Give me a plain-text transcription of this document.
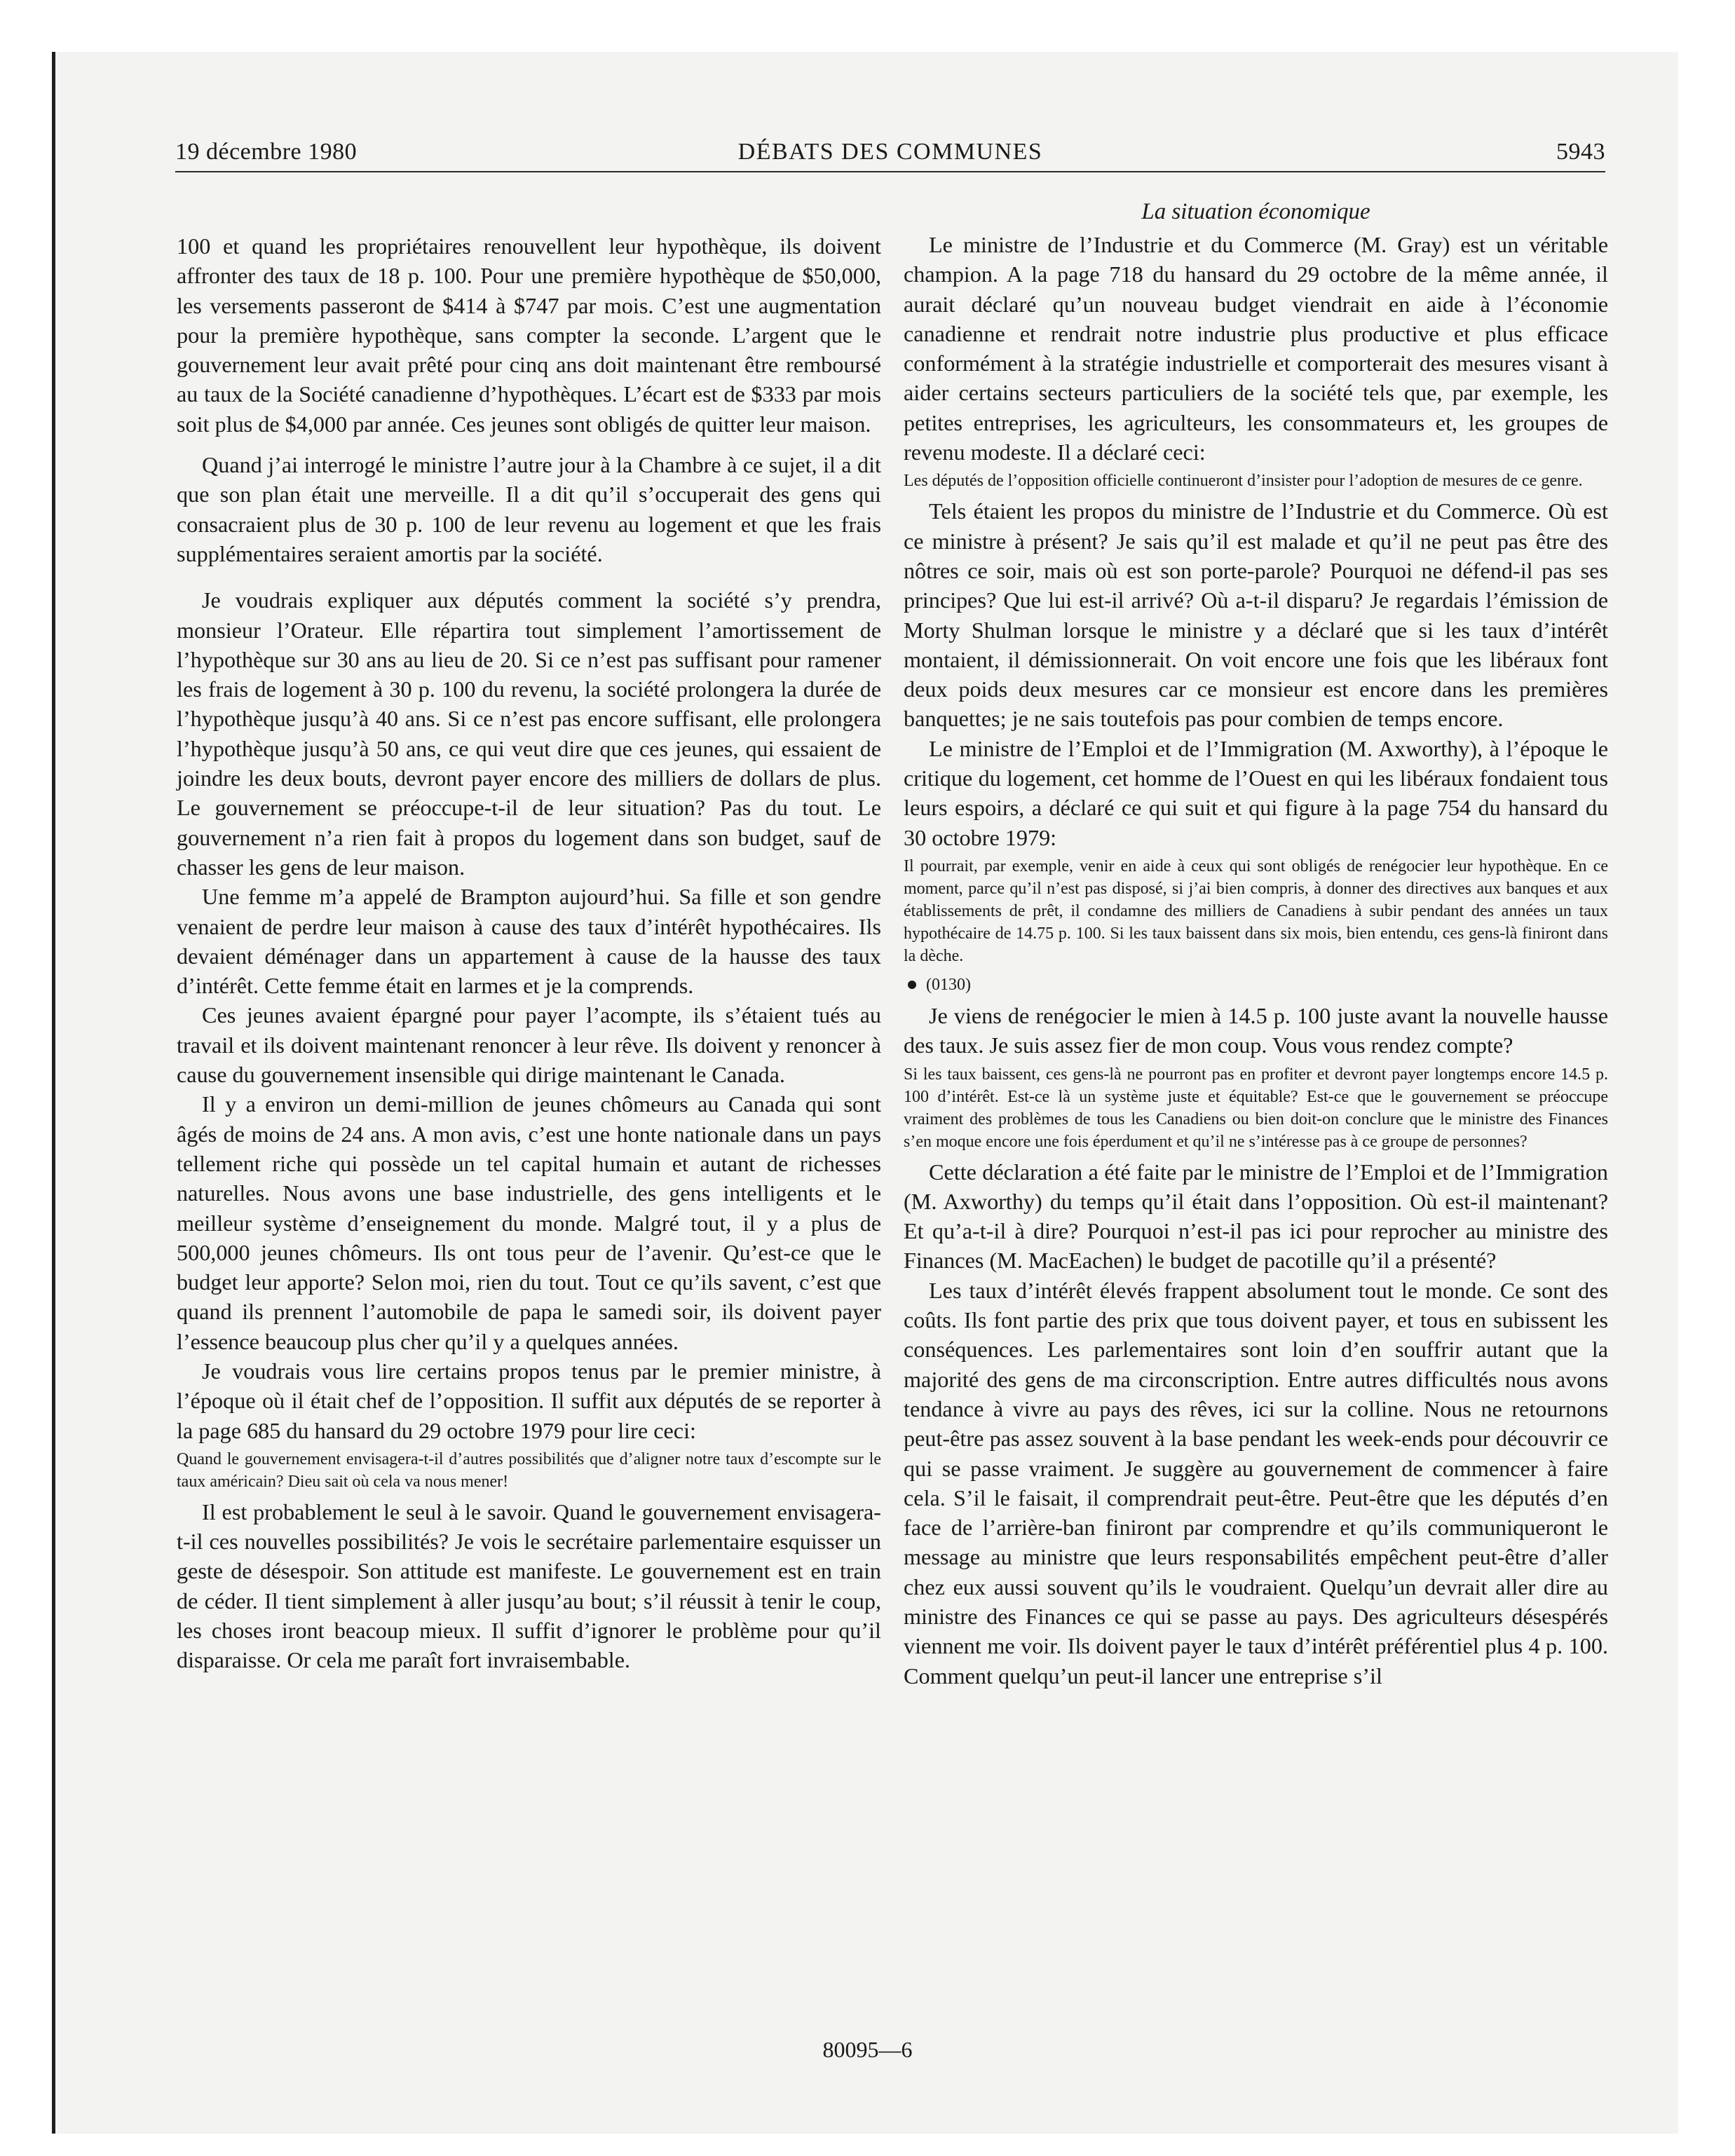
19 décembre 1980	DÉBATS DES COMMUNES	5943

100 et quand les propriétaires renouvellent leur hypothèque, ils doivent affronter des taux de 18 p. 100. Pour une première hypothèque de $50,000, les versements passeront de $414 à $747 par mois. C’est une augmentation pour la première hypothèque, sans compter la seconde. L’argent que le gouvernement leur avait prêté pour cinq ans doit maintenant être remboursé au taux de la Société canadienne d’hypothèques. L’écart est de $333 par mois soit plus de $4,000 par année. Ces jeunes sont obligés de quitter leur maison.

Quand j’ai interrogé le ministre l’autre jour à la Chambre à ce sujet, il a dit que son plan était une merveille. Il a dit qu’il s’occuperait des gens qui consacraient plus de 30 p. 100 de leur revenu au logement et que les frais supplémentaires seraient amortis par la société.

Je voudrais expliquer aux députés comment la société s’y prendra, monsieur l’Orateur. Elle répartira tout simplement l’amortissement de l’hypothèque sur 30 ans au lieu de 20. Si ce n’est pas suffisant pour ramener les frais de logement à 30 p. 100 du revenu, la société prolongera la durée de l’hypothèque jusqu’à 40 ans. Si ce n’est pas encore suffisant, elle prolongera l’hypothèque jusqu’à 50 ans, ce qui veut dire que ces jeunes, qui essaient de joindre les deux bouts, devront payer encore des milliers de dollars de plus. Le gouvernement se préoccupe-t-il de leur situation? Pas du tout. Le gouvernement n’a rien fait à propos du logement dans son budget, sauf de chasser les gens de leur maison.

Une femme m’a appelé de Brampton aujourd’hui. Sa fille et son gendre venaient de perdre leur maison à cause des taux d’intérêt hypothécaires. Ils devaient déménager dans un appartement à cause de la hausse des taux d’intérêt. Cette femme était en larmes et je la comprends.

Ces jeunes avaient épargné pour payer l’acompte, ils s’étaient tués au travail et ils doivent maintenant renoncer à leur rêve. Ils doivent y renoncer à cause du gouvernement insensible qui dirige maintenant le Canada.

Il y a environ un demi-million de jeunes chômeurs au Canada qui sont âgés de moins de 24 ans. A mon avis, c’est une honte nationale dans un pays tellement riche qui possède un tel capital humain et autant de richesses naturelles. Nous avons une base industrielle, des gens intelligents et le meilleur système d’enseignement du monde. Malgré tout, il y a plus de 500,000 jeunes chômeurs. Ils ont tous peur de l’avenir. Qu’est-ce que le budget leur apporte? Selon moi, rien du tout. Tout ce qu’ils savent, c’est que quand ils prennent l’automobile de papa le samedi soir, ils doivent payer l’essence beaucoup plus cher qu’il y a quelques années.

Je voudrais vous lire certains propos tenus par le premier ministre, à l’époque où il était chef de l’opposition. Il suffit aux députés de se reporter à la page 685 du hansard du 29 octobre 1979 pour lire ceci:

Quand le gouvernement envisagera-t-il d’autres possibilités que d’aligner notre taux d’escompte sur le taux américain? Dieu sait où cela va nous mener!

Il est probablement le seul à le savoir. Quand le gouvernement envisagera-t-il ces nouvelles possibilités? Je vois le secrétaire parlementaire esquisser un geste de désespoir. Son attitude est manifeste. Le gouvernement est en train de céder. Il tient simplement à aller jusqu’au bout; s’il réussit à tenir le coup, les choses iront beacoup mieux. Il suffit d’ignorer le problème pour qu’il disparaisse. Or cela me paraît fort invraisembable.

La situation économique

Le ministre de l’Industrie et du Commerce (M. Gray) est un véritable champion. A la page 718 du hansard du 29 octobre de la même année, il aurait déclaré qu’un nouveau budget viendrait en aide à l’économie canadienne et rendrait notre industrie plus productive et plus efficace conformément à la stratégie industrielle et comporterait des mesures visant à aider certains secteurs particuliers de la société tels que, par exemple, les petites entreprises, les agriculteurs, les consommateurs et, les groupes de revenu modeste. Il a déclaré ceci:

Les députés de l’opposition officielle continueront d’insister pour l’adoption de mesures de ce genre.

Tels étaient les propos du ministre de l’Industrie et du Commerce. Où est ce ministre à présent? Je sais qu’il est malade et qu’il ne peut pas être des nôtres ce soir, mais où est son porte-parole? Pourquoi ne défend-il pas ses principes? Que lui est-il arrivé? Où a-t-il disparu? Je regardais l’émission de Morty Shulman lorsque le ministre y a déclaré que si les taux d’intérêt montaient, il démissionnerait. On voit encore une fois que les libéraux font deux poids deux mesures car ce monsieur est encore dans les premières banquettes; je ne sais toutefois pas pour combien de temps encore.

Le ministre de l’Emploi et de l’Immigration (M. Axworthy), à l’époque le critique du logement, cet homme de l’Ouest en qui les libéraux fondaient tous leurs espoirs, a déclaré ce qui suit et qui figure à la page 754 du hansard du 30 octobre 1979:

Il pourrait, par exemple, venir en aide à ceux qui sont obligés de renégocier leur hypothèque. En ce moment, parce qu’il n’est pas disposé, si j’ai bien compris, à donner des directives aux banques et aux établissements de prêt, il condamne des milliers de Canadiens à subir pendant des années un taux hypothécaire de 14.75 p. 100. Si les taux baissent dans six mois, bien entendu, ces gens-là finiront dans la dèche.

(0130)

Je viens de renégocier le mien à 14.5 p. 100 juste avant la nouvelle hausse des taux. Je suis assez fier de mon coup. Vous vous rendez compte?

Si les taux baissent, ces gens-là ne pourront pas en profiter et devront payer longtemps encore 14.5 p. 100 d’intérêt. Est-ce là un système juste et équitable? Est-ce que le gouvernement se préoccupe vraiment des problèmes de tous les Canadiens ou bien doit-on conclure que le ministre des Finances s’en moque encore une fois éperdument et qu’il ne s’intéresse pas à ce groupe de personnes?

Cette déclaration a été faite par le ministre de l’Emploi et de l’Immigration (M. Axworthy) du temps qu’il était dans l’opposition. Où est-il maintenant? Et qu’a-t-il à dire? Pourquoi n’est-il pas ici pour reprocher au ministre des Finances (M. MacEachen) le budget de pacotille qu’il a présenté?

Les taux d’intérêt élevés frappent absolument tout le monde. Ce sont des coûts. Ils font partie des prix que tous doivent payer, et tous en subissent les conséquences. Les parlementaires sont loin d’en souffrir autant que la majorité des gens de ma circonscription. Entre autres difficultés nous avons tendance à vivre au pays des rêves, ici sur la colline. Nous ne retournons peut-être pas assez souvent à la base pendant les week-ends pour découvrir ce qui se passe vraiment. Je suggère au gouvernement de commencer à faire cela. S’il le faisait, il comprendrait peut-être. Peut-être que les députés d’en face de l’arrière-ban finiront par comprendre et qu’ils communiqueront le message au ministre que leurs responsabilités empêchent peut-être d’aller chez eux aussi souvent qu’ils le voudraient. Quelqu’un devrait aller dire au ministre des Finances ce qui se passe au pays. Des agriculteurs désespérés viennent me voir. Ils doivent payer le taux d’intérêt préférentiel plus 4 p. 100. Comment quelqu’un peut-il lancer une entreprise s’il

80095—6
